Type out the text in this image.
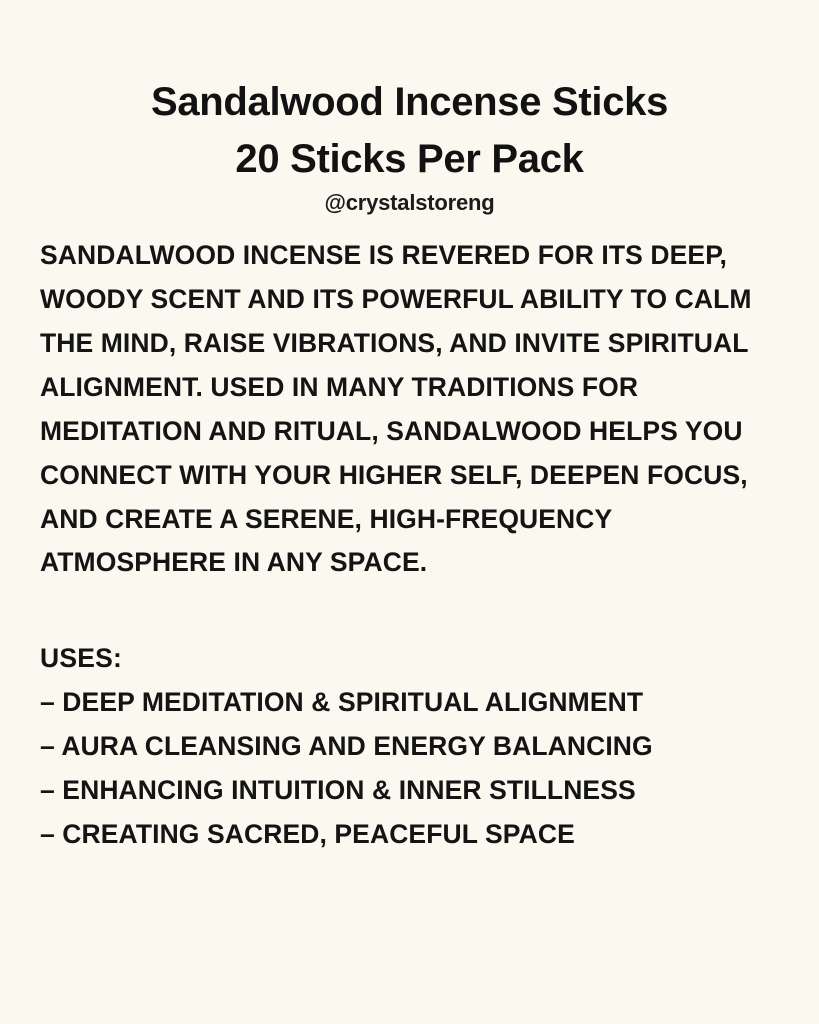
Sandalwood Incense Sticks
20 Sticks Per Pack
@crystalstoreng
SANDALWOOD INCENSE IS REVERED FOR ITS DEEP, WOODY SCENT AND ITS POWERFUL ABILITY TO CALM THE MIND, RAISE VIBRATIONS, AND INVITE SPIRITUAL ALIGNMENT. USED IN MANY TRADITIONS FOR MEDITATION AND RITUAL, SANDALWOOD HELPS YOU CONNECT WITH YOUR HIGHER SELF, DEEPEN FOCUS, AND CREATE A SERENE, HIGH-FREQUENCY ATMOSPHERE IN ANY SPACE.
USES:
– DEEP MEDITATION & SPIRITUAL ALIGNMENT
– AURA CLEANSING AND ENERGY BALANCING
– ENHANCING INTUITION & INNER STILLNESS
– CREATING SACRED, PEACEFUL SPACE
